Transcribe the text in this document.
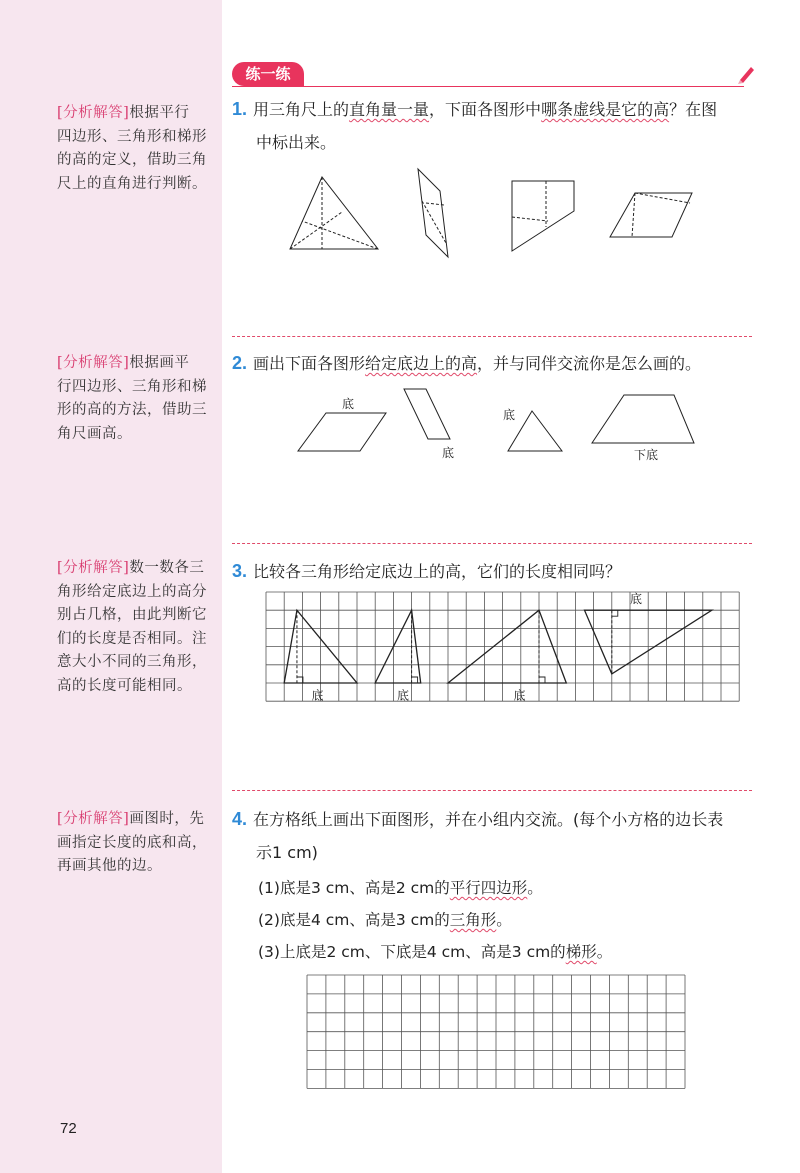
[分析解答]根据平行
四边形、三角形和梯形
的高的定义，借助三角
尺上的直角进行判断。
[分析解答]根据画平
行四边形、三角形和梯
形的高的方法，借助三
角尺画高。
[分析解答]数一数各三
角形给定底边上的高分
别占几格，由此判断它
们的长度是否相同。注
意大小不同的三角形，
高的长度可能相同。
[分析解答]画图时，先
画指定长度的底和高，
再画其他的边。
72
练一练
1. 用三角尺上的直角量一量，下面各图形中哪条虚线是它的高？在图
中标出来。
2. 画出下面各图形给定底边上的高，并与同伴交流你是怎么画的。
底
底
底
下底
3. 比较各三角形给定底边上的高，它们的长度相同吗？
底	底	底
底
4. 在方格纸上画出下面图形，并在小组内交流。(每个小方格的边长表
示1 cm)
(1)底是3 cm、高是2 cm的平行四边形。
(2)底是4 cm、高是3 cm的三角形。
(3)上底是2 cm、下底是4 cm、高是3 cm的梯形。
